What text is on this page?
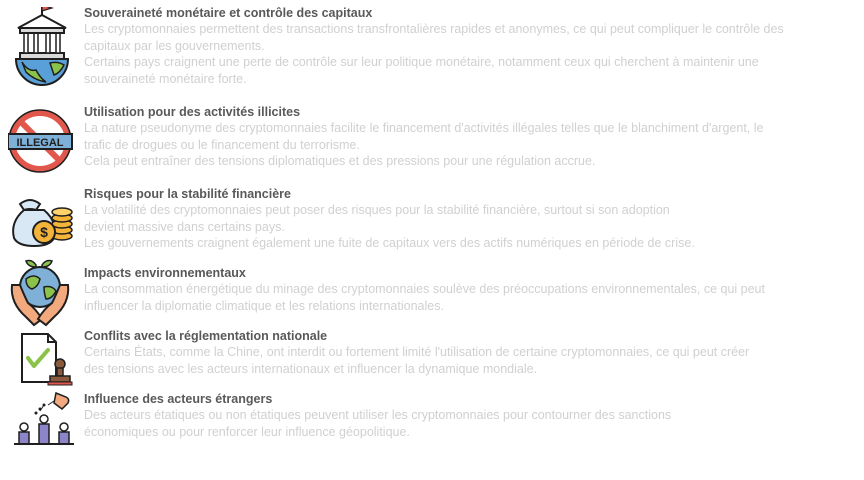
Souveraineté monétaire et contrôle des capitaux
Les cryptomonnaies permettent des transactions transfrontalières rapides et anonymes, ce qui peut compliquer le contrôle des
capitaux par les gouvernements.
Certains pays craignent une perte de contrôle sur leur politique monétaire, notamment ceux qui cherchent à maintenir une
souveraineté monétaire forte.
ILLEGAL
Utilisation pour des activités illicites
La nature pseudonyme des cryptomonnaies facilite le financement d'activités illégales telles que le blanchiment d'argent, le
trafic de drogues ou le financement du terrorisme.
Cela peut entraîner des tensions diplomatiques et des pressions pour une régulation accrue.
$
Risques pour la stabilité financière
La volatilité des cryptomonnaies peut poser des risques pour la stabilité financière, surtout si son adoption
devient massive dans certains pays.
Les gouvernements craignent également une fuite de capitaux vers des actifs numériques en période de crise.
Impacts environnementaux
La consommation énergétique du minage des cryptomonnaies soulève des préoccupations environnementales, ce qui peut
influencer la diplomatie climatique et les relations internationales.
Conflits avec la réglementation nationale
Certains États, comme la Chine, ont interdit ou fortement limité l'utilisation de certaine cryptomonnaies, ce qui peut créer
des tensions avec les acteurs internationaux et influencer la dynamique mondiale.
Influence des acteurs étrangers
Des acteurs étatiques ou non étatiques peuvent utiliser les cryptomonnaies pour contourner des sanctions
économiques ou pour renforcer leur influence géopolitique.
